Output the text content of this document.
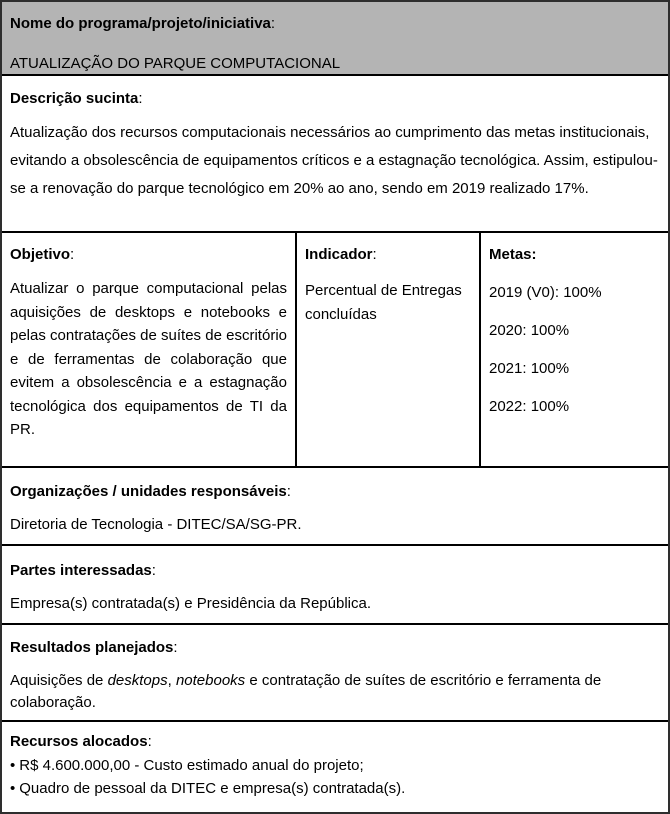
Nome do programa/projeto/iniciativa:

ATUALIZAÇÃO DO PARQUE COMPUTACIONAL

Descrição sucinta:

Atualização dos recursos computacionais necessários ao cumprimento das metas institucionais, evitando a obsolescência de equipamentos críticos e a estagnação tecnológica. Assim, estipulou-se a renovação do parque tecnológico em 20% ao ano, sendo em 2019 realizado 17%.

Objetivo:

Atualizar o parque computacional pelas aquisições de desktops e notebooks e pelas contratações de suítes de escritório e de ferramentas de colaboração que evitem a obsolescência e a estagnação tecnológica dos equipamentos de TI da PR.

Indicador:

Percentual de Entregas concluídas

Metas:

2019 (V0): 100%

2020: 100%

2021: 100%

2022: 100%

Organizações / unidades responsáveis:

Diretoria de Tecnologia - DITEC/SA/SG-PR.

Partes interessadas:

Empresa(s) contratada(s) e Presidência da República.

Resultados planejados:

Aquisições de desktops, notebooks e contratação de suítes de escritório e ferramenta de colaboração.

Recursos alocados:

• R$ 4.600.000,00 - Custo estimado anual do projeto;
• Quadro de pessoal da DITEC e empresa(s) contratada(s).
